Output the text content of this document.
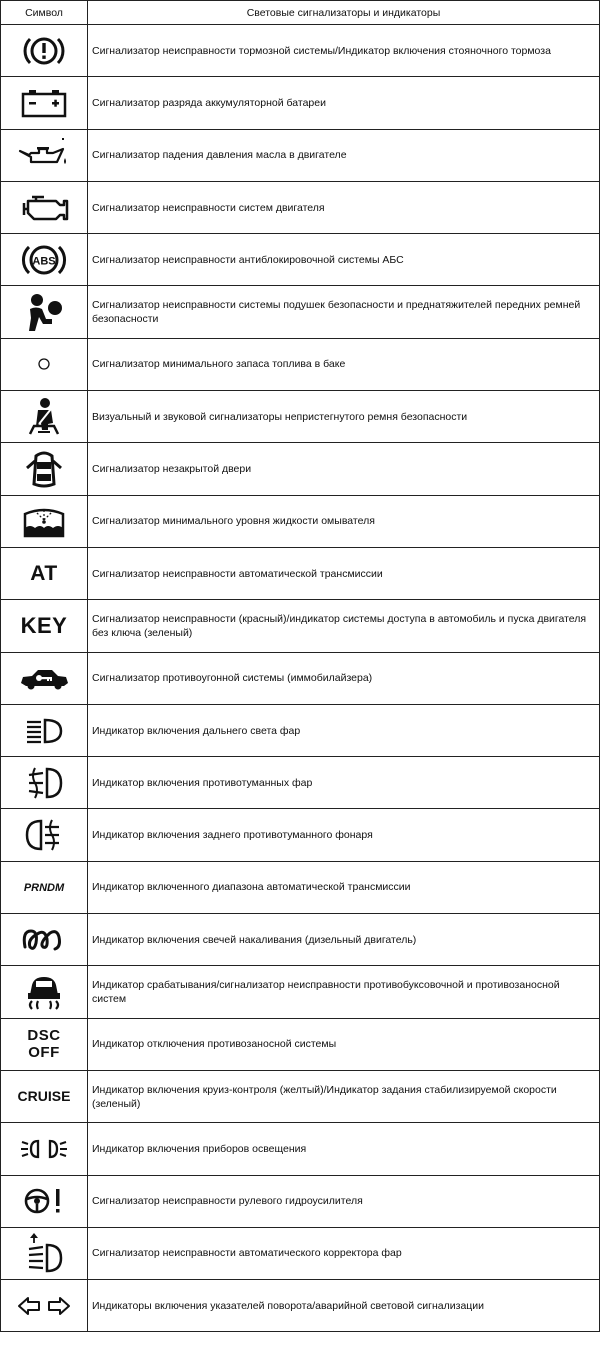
Символ	Световые сигнализаторы и индикаторы

	Сигнализатор неисправности тормозной системы/Индикатор включения стояночного тормоза

	Сигнализатор разряда аккумуляторной батареи

	Сигнализатор падения давления масла в двигателе

	Сигнализатор неисправности систем двигателя

ABS	Сигнализатор неисправности антиблокировочной системы АБС

	Сигнализатор неисправности системы подушек безопасности и преднатяжителей передних ремней безопасности

	Сигнализатор минимального запаса топлива в баке

	Визуальный и звуковой сигнализаторы непристегнутого ремня безопасности

	Сигнализатор незакрытой двери

	Сигнализатор минимального уровня жидкости омывателя
AT	Сигнализатор неисправности автоматической трансмиссии
KEY	Сигнализатор неисправности (красный)/индикатор системы доступа в автомобиль и пуска двигателя без ключа (зеленый)

	Сигнализатор противоугонной системы (иммобилайзера)

	Индикатор включения дальнего света фар

	Индикатор включения противотуманных фар

	Индикатор включения заднего противотуманного фонаря
PRNDM	Индикатор включенного диапазона автоматической трансмиссии

	Индикатор включения свечей накаливания (дизельный двигатель)

	Индикатор срабатывания/сигнализатор неисправности противобуксовочной и противозаносной систем

DSC
OFF	Индикатор отключения противозаносной системы
CRUISE	Индикатор включения круиз-контроля (желтый)/Индикатор задания стабилизируемой скорости (зеленый)

	Индикатор включения приборов освещения

	Сигнализатор неисправности рулевого гидроусилителя

	Сигнализатор неисправности автоматического корректора фар

	Индикаторы включения указателей поворота/аварийной световой сигнализации
